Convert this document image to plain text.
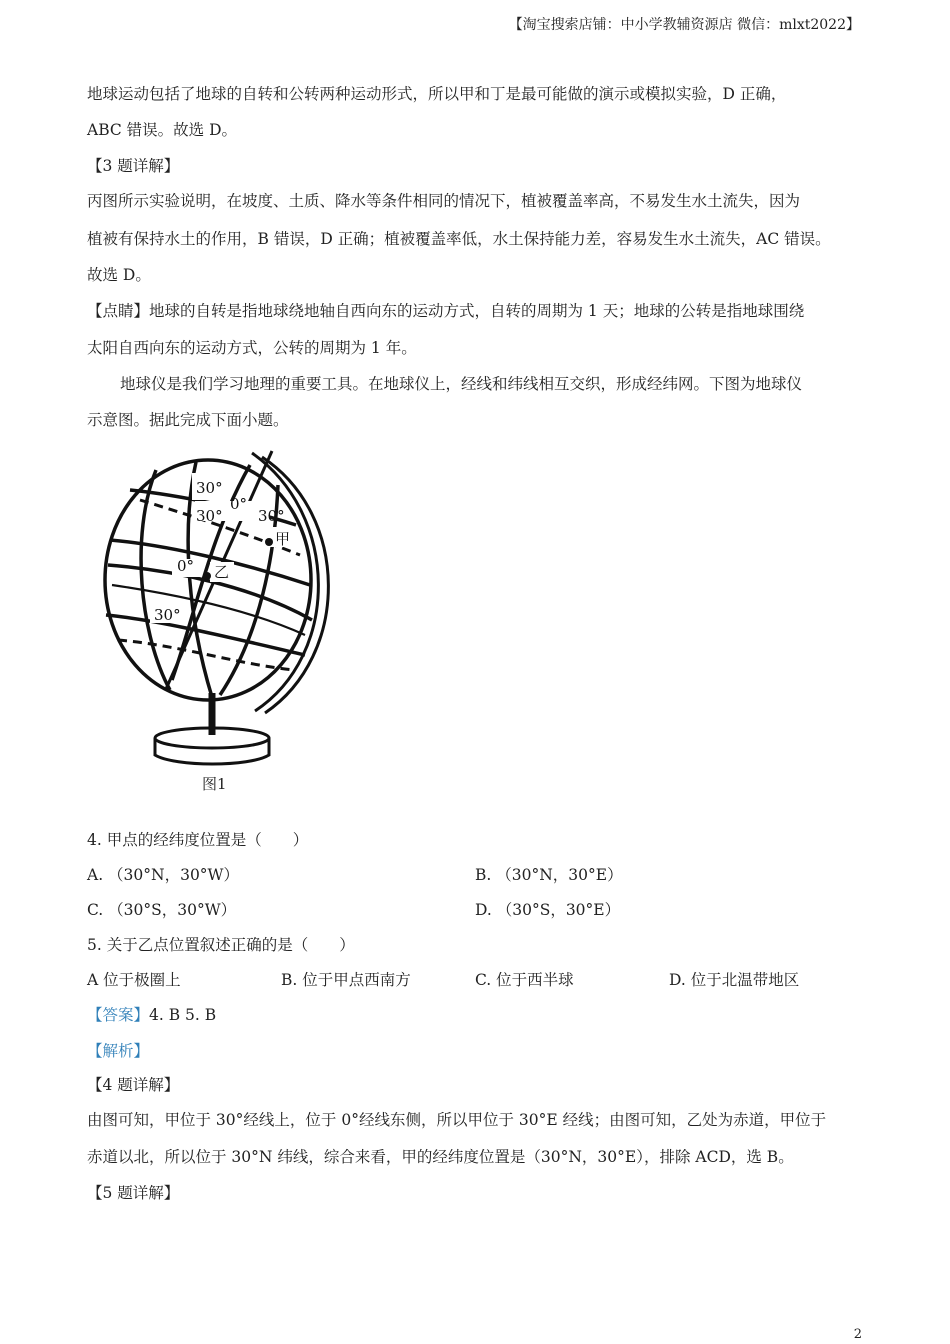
【淘宝搜索店铺：中小学教辅资源店 微信：mlxt2022】
地球运动包括了地球的自转和公转两种运动形式，所以甲和丁是最可能做的演示或模拟实验，D 正确，
ABC 错误。故选 D。
【3 题详解】
丙图所示实验说明，在坡度、土质、降水等条件相同的情况下，植被覆盖率高，不易发生水土流失，因为
植被有保持水土的作用，B 错误，D 正确；植被覆盖率低，水土保持能力差，容易发生水土流失，AC 错误。
故选 D。
【点睛】地球的自转是指地球绕地轴自西向东的运动方式，自转的周期为 1 天；地球的公转是指地球围绕
太阳自西向东的运动方式，公转的周期为 1 年。
地球仪是我们学习地理的重要工具。在地球仪上，经线和纬线相互交织，形成经纬网。下图为地球仪
示意图。据此完成下面小题。
30°
0°
30° 30°
甲
0° 乙
30°
图1
4. 甲点的经纬度位置是（　　）
A. （30°N，30°W）	B. （30°N，30°E）
C. （30°S，30°W）	D. （30°S，30°E）
5. 关于乙点位置叙述正确的是（　　）
A 位于极圈上	B. 位于甲点西南方	C. 位于西半球	D. 位于北温带地区
【答案】4. B 5. B
【解析】
【4 题详解】
由图可知，甲位于 30°经线上，位于 0°经线东侧，所以甲位于 30°E 经线；由图可知，乙处为赤道，甲位于
赤道以北，所以位于 30°N 纬线，综合来看，甲的经纬度位置是（30°N，30°E），排除 ACD，选 B。
【5 题详解】
2
